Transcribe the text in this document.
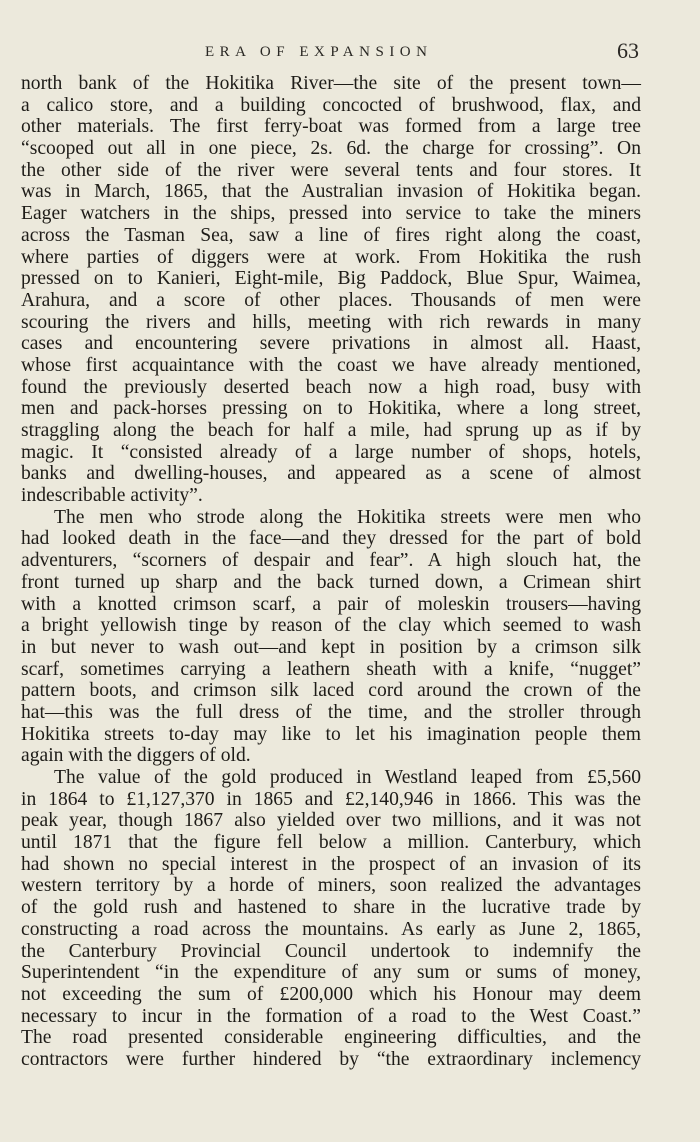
ERA OF EXPANSION	63
north bank of the Hokitika River—the site of the present town—
a calico store, and a building concocted of brushwood, flax, and
other materials. The first ferry-boat was formed from a large tree
“scooped out all in one piece, 2s. 6d. the charge for crossing”. On
the other side of the river were several tents and four stores. It
was in March, 1865, that the Australian invasion of Hokitika began.
Eager watchers in the ships, pressed into service to take the miners
across the Tasman Sea, saw a line of fires right along the coast,
where parties of diggers were at work. From Hokitika the rush
pressed on to Kanieri, Eight-mile, Big Paddock, Blue Spur, Waimea,
Arahura, and a score of other places. Thousands of men were
scouring the rivers and hills, meeting with rich rewards in many
cases and encountering severe privations in almost all. Haast,
whose first acquaintance with the coast we have already mentioned,
found the previously deserted beach now a high road, busy with
men and pack-horses pressing on to Hokitika, where a long street,
straggling along the beach for half a mile, had sprung up as if by
magic. It “consisted already of a large number of shops, hotels,
banks and dwelling-houses, and appeared as a scene of almost
indescribable activity”.
The men who strode along the Hokitika streets were men who
had looked death in the face—and they dressed for the part of bold
adventurers, “scorners of despair and fear”. A high slouch hat, the
front turned up sharp and the back turned down, a Crimean shirt
with a knotted crimson scarf, a pair of moleskin trousers—having
a bright yellowish tinge by reason of the clay which seemed to wash
in but never to wash out—and kept in position by a crimson silk
scarf, sometimes carrying a leathern sheath with a knife, “nugget”
pattern boots, and crimson silk laced cord around the crown of the
hat—this was the full dress of the time, and the stroller through
Hokitika streets to-day may like to let his imagination people them
again with the diggers of old.
The value of the gold produced in Westland leaped from £5,560
in 1864 to £1,127,370 in 1865 and £2,140,946 in 1866. This was the
peak year, though 1867 also yielded over two millions, and it was not
until 1871 that the figure fell below a million. Canterbury, which
had shown no special interest in the prospect of an invasion of its
western territory by a horde of miners, soon realized the advantages
of the gold rush and hastened to share in the lucrative trade by
constructing a road across the mountains. As early as June 2, 1865,
the Canterbury Provincial Council undertook to indemnify the
Superintendent “in the expenditure of any sum or sums of money,
not exceeding the sum of £200,000 which his Honour may deem
necessary to incur in the formation of a road to the West Coast.”
The road presented considerable engineering difficulties, and the
contractors were further hindered by “the extraordinary inclemency
